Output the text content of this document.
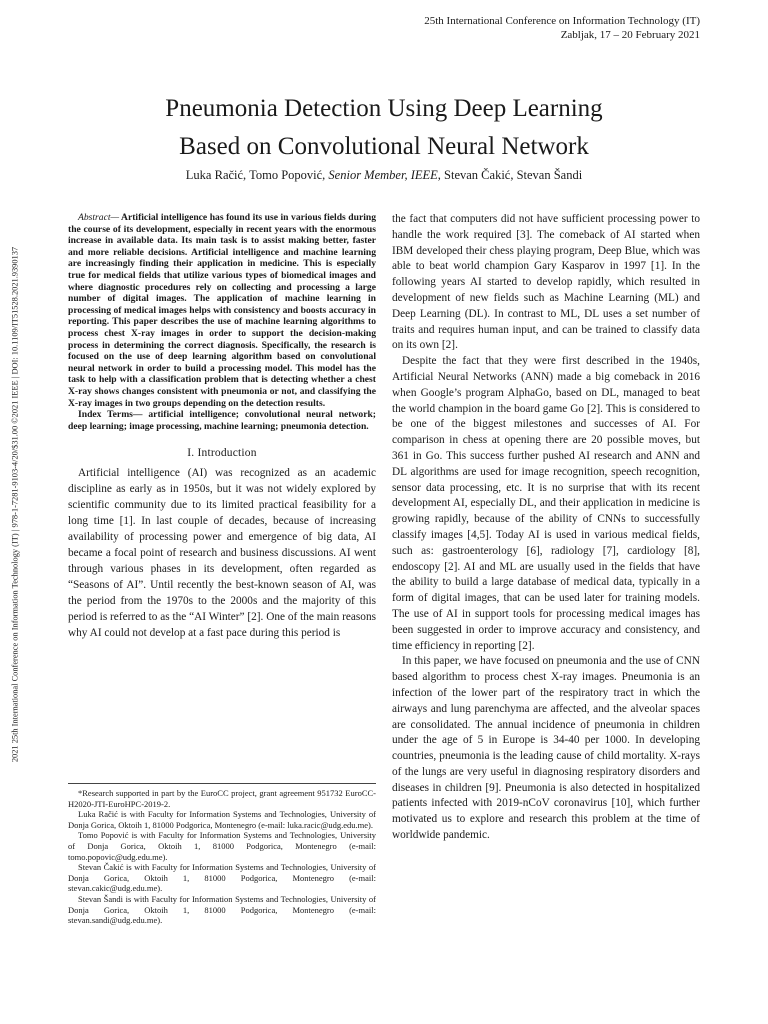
25th International Conference on Information Technology (IT)
Zabljak, 17 – 20 February 2021
2021 25th International Conference on Information Technology (IT) | 978-1-7281-9103-4/20/$31.00 ©2021 IEEE | DOI: 10.1109/IT51528.2021.9390137
Pneumonia Detection Using Deep Learning
Based on Convolutional Neural Network
Luka Račić, Tomo Popović, Senior Member, IEEE, Stevan Čakić, Stevan Šandi

Abstract— Artificial intelligence has found its use in various fields during the course of its development, especially in recent years with the enormous increase in available data. Its main task is to assist making better, faster and more reliable decisions. Artificial intelligence and machine learning are increasingly finding their application in medicine. This is especially true for medical fields that utilize various types of biomedical images and where diagnostic procedures rely on collecting and processing a large number of digital images. The application of machine learning in processing of medical images helps with consistency and boosts accuracy in reporting. This paper describes the use of machine learning algorithms to process chest X-ray images in order to support the decision-making process in determining the correct diagnosis. Specifically, the research is focused on the use of deep learning algorithm based on convolutional neural network in order to build a processing model. This model has the task to help with a classification problem that is detecting whether a chest X-ray shows changes consistent with pneumonia or not, and classifying the X-ray images in two groups depending on the detection results.

Index Terms— artificial intelligence; convolutional neural network; deep learning; image processing, machine learning; pneumonia detection.

I. Introduction

Artificial intelligence (AI) was recognized as an academic discipline as early as in 1950s, but it was not widely explored by scientific community due to its limited practical feasibility for a long time [1]. In last couple of decades, because of increasing availability of processing power and emergence of big data, AI became a focal point of research and business discussions. AI went through various phases in its development, often regarded as “Seasons of AI”. Until recently the best-known season of AI, was the period from the 1970s to the 2000s and the majority of this period is referred to as the “AI Winter” [2]. One of the main reasons why AI could not develop at a fast pace during this period is

*Research supported in part by the EuroCC project, grant agreement 951732 EuroCC-H2020-JTI-EuroHPC-2019-2.

Luka Račić is with Faculty for Information Systems and Technologies, University of Donja Gorica, Oktoih 1, 81000 Podgorica, Montenegro (e-mail: luka.racic@udg.edu.me).

Tomo Popović is with Faculty for Information Systems and Technologies, University of Donja Gorica, Oktoih 1, 81000 Podgorica, Montenegro (e-mail: tomo.popovic@udg.edu.me).

Stevan Čakić is with Faculty for Information Systems and Technologies, University of Donja Gorica, Oktoih 1, 81000 Podgorica, Montenegro (e-mail: stevan.cakic@udg.edu.me).

Stevan Šandi is with Faculty for Information Systems and Technologies, University of Donja Gorica, Oktoih 1, 81000 Podgorica, Montenegro (e-mail: stevan.sandi@udg.edu.me).

the fact that computers did not have sufficient processing power to handle the work required [3]. The comeback of AI started when IBM developed their chess playing program, Deep Blue, which was able to beat world champion Gary Kasparov in 1997 [1]. In the following years AI started to develop rapidly, which resulted in development of new fields such as Machine Learning (ML) and Deep Learning (DL). In contrast to ML, DL uses a set number of traits and requires human input, and can be trained to classify data on its own [2].

Despite the fact that they were first described in the 1940s, Artificial Neural Networks (ANN) made a big comeback in 2016 when Google’s program AlphaGo, based on DL, managed to beat the world champion in the board game Go [2]. This is considered to be one of the biggest milestones and successes of AI. For comparison in chess at opening there are 20 possible moves, but 361 in Go. This success further pushed AI research and ANN and DL algorithms are used for image recognition, speech recognition, sensor data processing, etc. It is no surprise that with its recent development AI, especially DL, and their application in medicine is growing rapidly, because of the ability of CNNs to successfully classify images [4,5]. Today AI is used in various medical fields, such as: gastroenterology [6], radiology [7], cardiology [8], endoscopy [2]. AI and ML are usually used in the fields that have the ability to build a large database of medical data, typically in a form of digital images, that can be used later for training models. The use of AI in support tools for processing medical images has been suggested in order to improve accuracy and consistency, and time efficiency in reporting [2].

In this paper, we have focused on pneumonia and the use of CNN based algorithm to process chest X-ray images. Pneumonia is an infection of the lower part of the respiratory tract in which the airways and lung parenchyma are affected, and the alveolar spaces are consolidated. The annual incidence of pneumonia in children under the age of 5 in Europe is 34-40 per 1000. In developing countries, pneumonia is the leading cause of child mortality. X-rays of the lungs are very useful in diagnosing respiratory disorders and diseases in children [9]. Pneumonia is also detected in hospitalized patients infected with 2019-nCoV coronavirus [10], which further motivated us to explore and research this problem at the time of worldwide pandemic.
